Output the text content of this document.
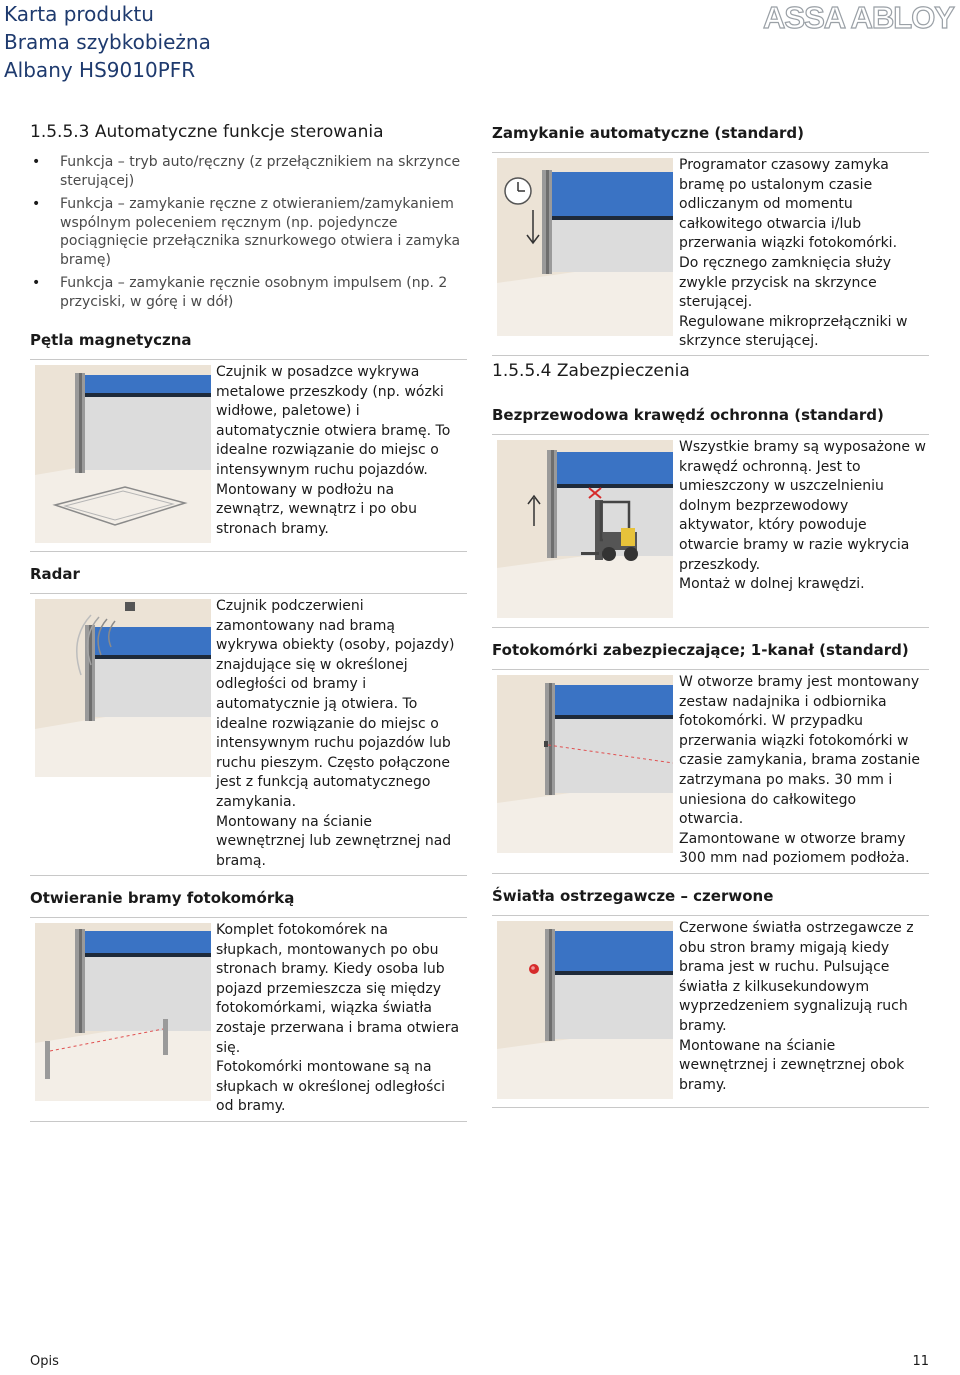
Karta produktu
Brama szybkobieżna
Albany HS9010PFR
ASSA ABLOY
1.5.5.3 Automatyczne funkcje sterowania
• Funkcja – tryb auto/ręczny (z przełącznikiem na skrzynce
sterującej)
• Funkcja – zamykanie ręczne z otwieraniem/zamykaniem
wspólnym poleceniem ręcznym (np. pojedyncze
pociągnięcie przełącznika sznurkowego otwiera i zamyka
bramę)
• Funkcja – zamykanie ręcznie osobnym impulsem (np. 2
przyciski, w górę i w dół)
Pętla magnetyczna
Czujnik w posadzce wykrywa
metalowe przeszkody (np. wózki
widłowe, paletowe) i
automatycznie otwiera bramę. To
idealne rozwiązanie do miejsc o
intensywnym ruchu pojazdów.
Montowany w podłożu na
zewnątrz, wewnątrz i po obu
stronach bramy.
Radar
Czujnik podczerwieni
zamontowany nad bramą
wykrywa obiekty (osoby, pojazdy)
znajdujące się w określonej
odległości od bramy i
automatycznie ją otwiera. To
idealne rozwiązanie do miejsc o
intensywnym ruchu pojazdów lub
ruchu pieszym. Często połączone
jest z funkcją automatycznego
zamykania.
Montowany na ścianie
wewnętrznej lub zewnętrznej nad
bramą.
Otwieranie bramy fotokomórką
Komplet fotokomórek na
słupkach, montowanych po obu
stronach bramy. Kiedy osoba lub
pojazd przemieszcza się między
fotokomórkami, wiązka światła
zostaje przerwana i brama otwiera
się.
Fotokomórki montowane są na
słupkach w określonej odległości
od bramy.
Zamykanie automatyczne (standard)
Programator czasowy zamyka
bramę po ustalonym czasie
odliczanym od momentu
całkowitego otwarcia i/lub
przerwania wiązki fotokomórki.
Do ręcznego zamknięcia służy
zwykle przycisk na skrzynce
sterującej.
Regulowane mikroprzełączniki w
skrzynce sterującej.
1.5.5.4 Zabezpieczenia
Bezprzewodowa krawędź ochronna (standard)
Wszystkie bramy są wyposażone w
krawędź ochronną. Jest to
umieszczony w uszczelnieniu
dolnym bezprzewodowy
aktywator, który powoduje
otwarcie bramy w razie wykrycia
przeszkody.
Montaż w dolnej krawędzi.
Fotokomórki zabezpieczające; 1-kanał (standard)
W otworze bramy jest montowany
zestaw nadajnika i odbiornika
fotokomórki. W przypadku
przerwania wiązki fotokomórki w
czasie zamykania, brama zostanie
zatrzymana po maks. 30 mm i
uniesiona do całkowitego
otwarcia.
Zamontowane w otworze bramy
300 mm nad poziomem podłoża.
Światła ostrzegawcze – czerwone
Czerwone światła ostrzegawcze z
obu stron bramy migają kiedy
brama jest w ruchu. Pulsujące
światła z kilkusekundowym
wyprzedzeniem sygnalizują ruch
bramy.
Montowane na ścianie
wewnętrznej i zewnętrznej obok
bramy.
Opis	11
